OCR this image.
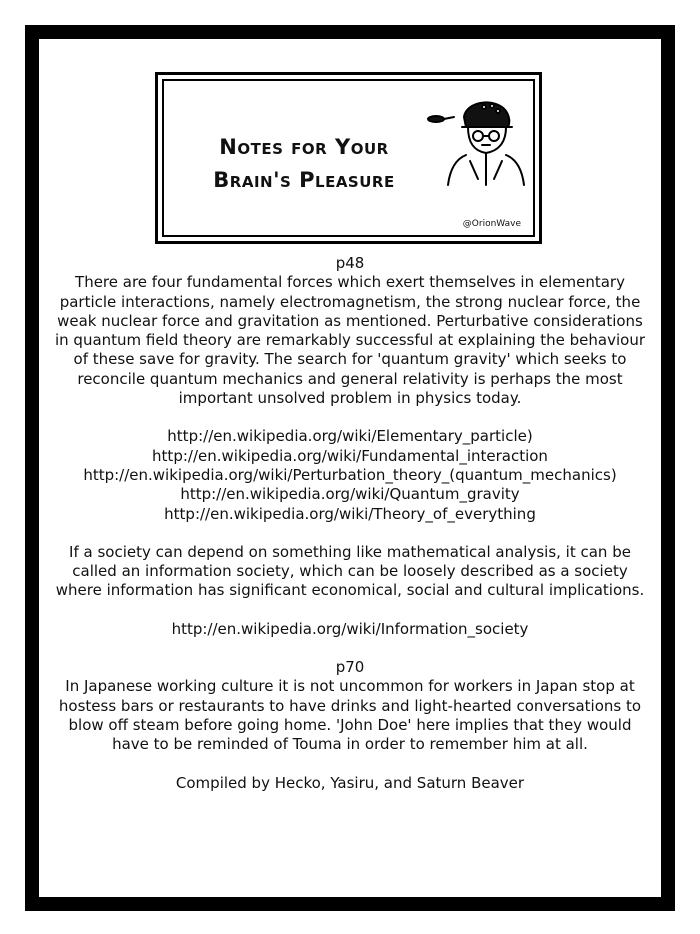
Notes for Your
Brain's Pleasure
@OrionWave

p48

There are four fundamental forces which exert themselves in elementary particle interactions, namely electromagnetism, the strong nuclear force, the weak nuclear force and gravitation as mentioned. Perturbative considerations in quantum field theory are remarkably successful at explaining the behaviour of these save for gravity. The search for 'quantum gravity' which seeks to reconcile quantum mechanics and general relativity is perhaps the most important unsolved problem in physics today.

http://en.wikipedia.org/wiki/Elementary_particle)
http://en.wikipedia.org/wiki/Fundamental_interaction
http://en.wikipedia.org/wiki/Perturbation_theory_(quantum_mechanics)
http://en.wikipedia.org/wiki/Quantum_gravity
http://en.wikipedia.org/wiki/Theory_of_everything

If a society can depend on something like mathematical analysis, it can be called an information society, which can be loosely described as a society where information has significant economical, social and cultural implications.

http://en.wikipedia.org/wiki/Information_society

p70

In Japanese working culture it is not uncommon for workers in Japan stop at hostess bars or restaurants to have drinks and light-hearted conversations to blow off steam before going home. 'John Doe' here implies that they would have to be reminded of Touma in order to remember him at all.

Compiled by Hecko, Yasiru, and Saturn Beaver
